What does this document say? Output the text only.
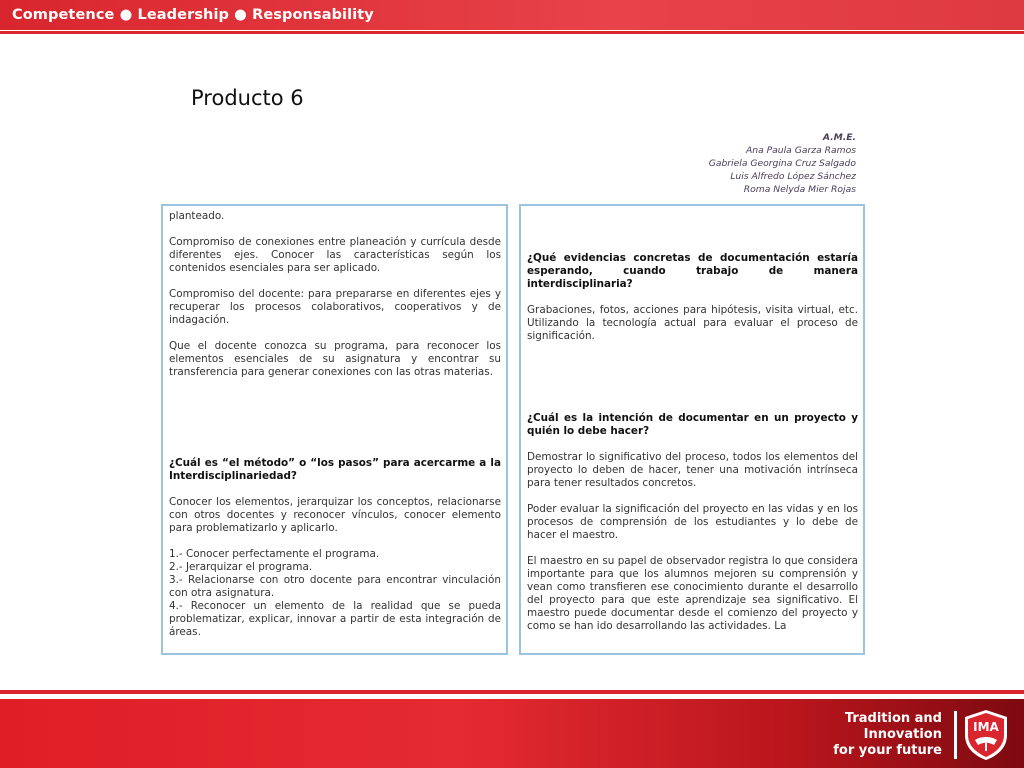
Competence ● Leadership ● Responsability
Producto 6
A.M.E.
Ana Paula Garza Ramos
Gabriela Georgina Cruz Salgado
Luis Alfredo López Sánchez
Roma Nelyda Mier Rojas

planteado.

Compromiso de conexiones entre planeación y currícula desde diferentes ejes. Conocer las características según los contenidos esenciales para ser aplicado.

Compromiso del docente: para prepararse en diferentes ejes y recuperar los procesos colaborativos, cooperativos y de indagación.

Que el docente conozca su programa, para reconocer los elementos esenciales de su asignatura y encontrar su transferencia para generar conexiones con las otras materias.

¿Cuál es “el método” o “los pasos” para acercarme a la Interdisciplinariedad?

Conocer los elementos, jerarquizar los conceptos, relacionarse con otros docentes y reconocer vínculos, conocer elemento para problematizarlo y aplicarlo.

1.- Conocer perfectamente el programa.

2.- Jerarquizar el programa.

3.- Relacionarse con otro docente para encontrar vinculación con otra asignatura.

4.- Reconocer un elemento de la realidad que se pueda problematizar, explicar, innovar a partir de esta integración de áreas.

¿Qué evidencias concretas de documentación estaría esperando, cuando trabajo de manera interdisciplinaria?

Grabaciones, fotos, acciones para hipótesis, visita virtual, etc. Utilizando la tecnología actual para evaluar el proceso de significación.

¿Cuál es la intención de documentar en un proyecto y quién lo debe hacer?

Demostrar lo significativo del proceso, todos los elementos del proyecto lo deben de hacer, tener una motivación intrínseca para tener resultados concretos.

Poder evaluar la significación del proyecto en las vidas y en los procesos de comprensión de los estudiantes y lo debe de hacer el maestro.

El maestro en su papel de observador registra lo que considera importante para que los alumnos mejoren su comprensión y vean como transfieren ese conocimiento durante el desarrollo del proyecto para que este aprendizaje sea significativo. El maestro puede documentar desde el comienzo del proyecto y como se han ido desarrollando las actividades. La

Tradition and
Innovation
for your future
IMA
